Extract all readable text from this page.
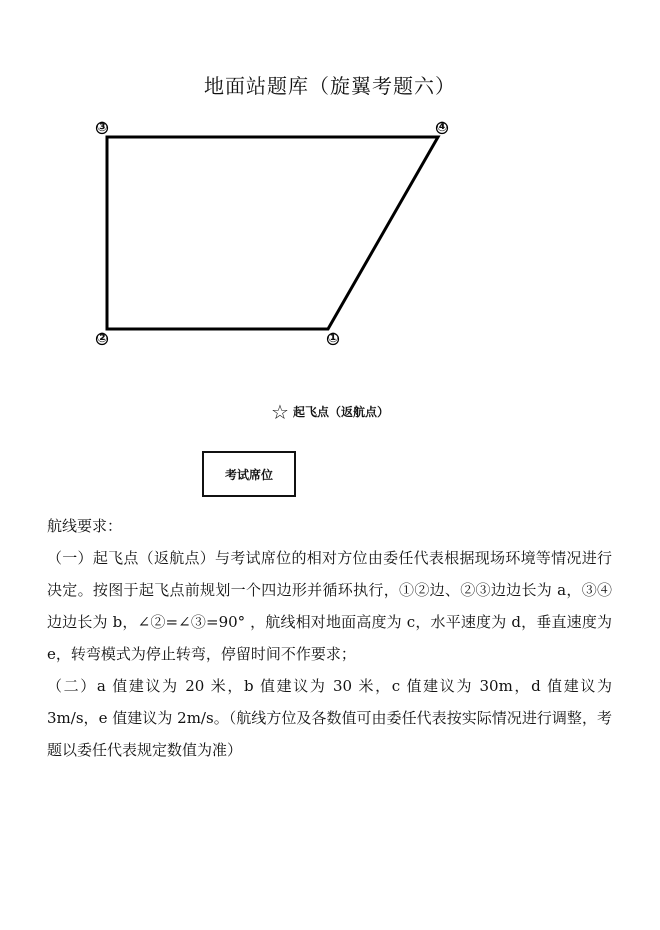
地面站题库（旋翼考题六）
③	④
②	①
☆ 起飞点（返航点）
考试席位

航线要求：

（一）起飞点（返航点）与考试席位的相对方位由委任代表根据现场环境等情况进行决定。按图于起飞点前规划一个四边形并循环执行，①②边、②③边边长为 a，③④边边长为 b，∠②=∠③=90° ，航线相对地面高度为 c，水平速度为 d，垂直速度为 e，转弯模式为停止转弯，停留时间不作要求；

（二）a 值建议为 20 米，b 值建议为 30 米，c 值建议为 30m，d 值建议为 3m/s，e 值建议为 2m/s。（航线方位及各数值可由委任代表按实际情况进行调整，考题以委任代表规定数值为准）
